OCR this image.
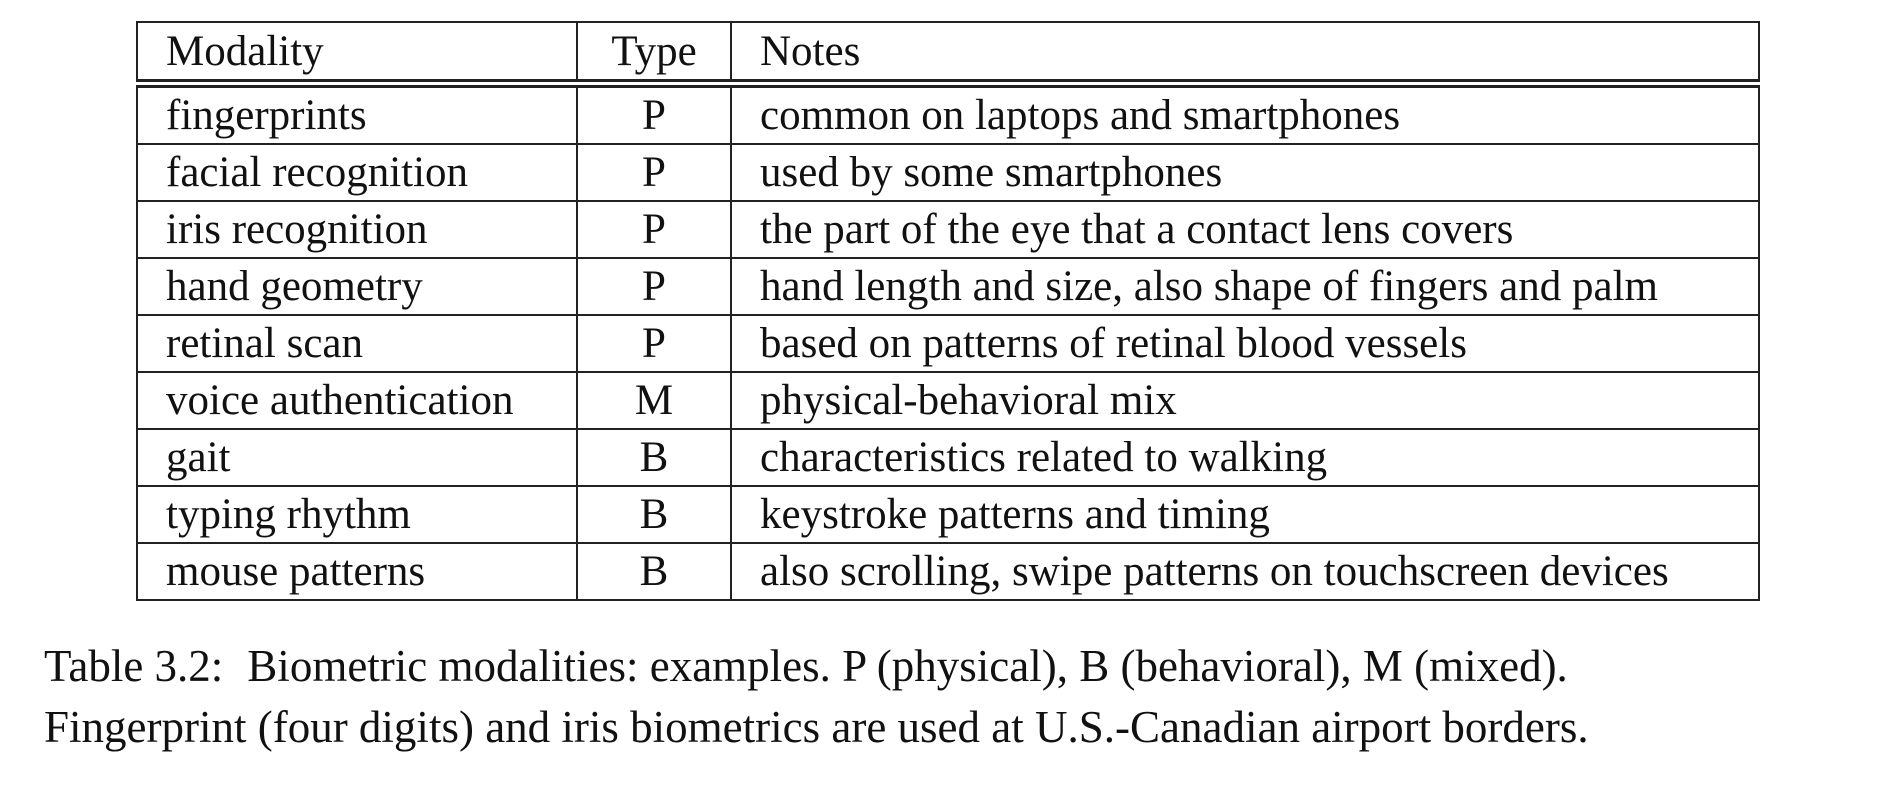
Modality	Type	Notes
fingerprints	P	common on laptops and smartphones
facial recognition	P	used by some smartphones
iris recognition	P	the part of the eye that a contact lens covers
hand geometry	P	hand length and size, also shape of fingers and palm
retinal scan	P	based on patterns of retinal blood vessels
voice authentication	M	physical-behavioral mix
gait	B	characteristics related to walking
typing rhythm	B	keystroke patterns and timing
mouse patterns	B	also scrolling, swipe patterns on touchscreen devices
Table 3.2: Biometric modalities: examples. P (physical), B (behavioral), M (mixed).
Fingerprint (four digits) and iris biometrics are used at U.S.-Canadian airport borders.
